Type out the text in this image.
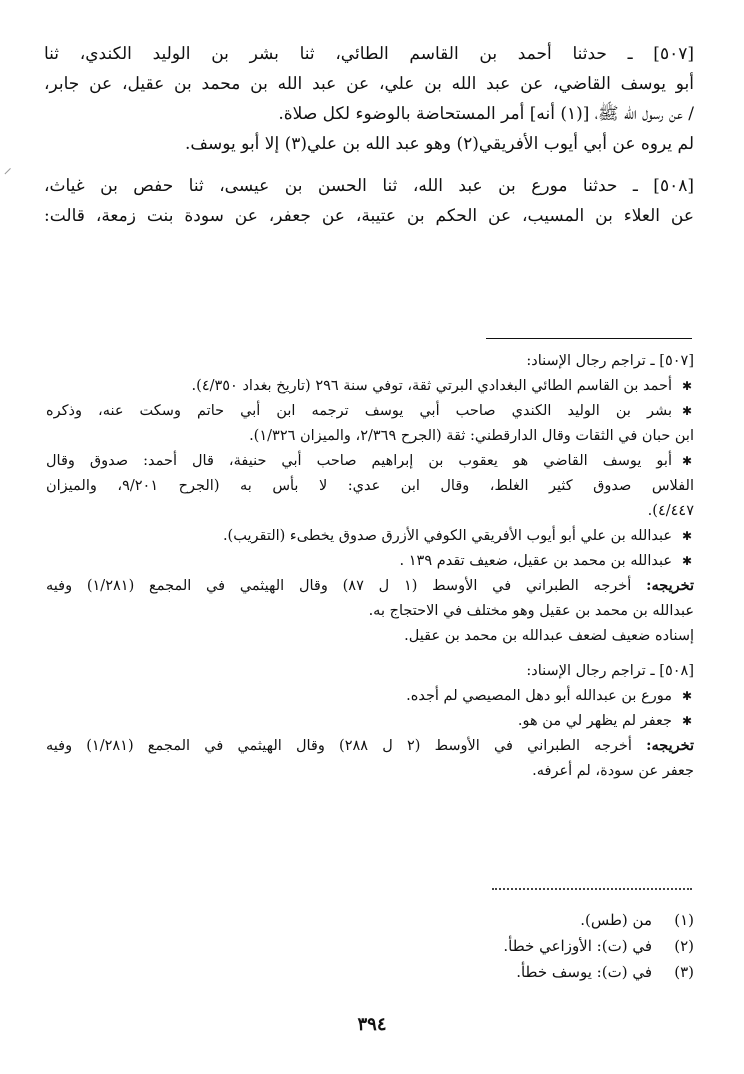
[٥٠٧] ـ حدثنا أحمد بن القاسم الطائي، ثنا بشر بن الوليد الكندي، ثنا

أبو يوسف القاضي، عن عبد الله بن علي، عن عبد الله بن محمد بن عقيل، عن جابر،

/ عن رسول الله ﷺ، [(١) أنه] أمر المستحاضة بالوضوء لكل صلاة.

لم يروه عن أبي أيوب الأفريقي(٢) وهو عبد الله بن علي(٣) إلا أبو يوسف.

[٥٠٨] ـ حدثنا مورع بن عبد الله، ثنا الحسن بن عيسى، ثنا حفص بن غياث،

عن العلاء بن المسيب، عن الحكم بن عتيبة، عن جعفر، عن سودة بنت زمعة، قالت:

[٥٠٧] ـ تراجم رجال الإسناد:

✱ أحمد بن القاسم الطائي البغدادي البرتي ثقة، توفي سنة ٢٩٦ (تاريخ بغداد ٤/٣٥٠).

✱ بشر بن الوليد الكندي صاحب أبي يوسف ترجمه ابن أبي حاتم وسكت عنه، وذكره

ابن حبان في الثقات وقال الدارقطني: ثقة (الجرح ٢/٣٦٩، والميزان ١/٣٢٦).

✱ أبو يوسف القاضي هو يعقوب بن إبراهيم صاحب أبي حنيفة، قال أحمد: صدوق وقال

الفلاس صدوق كثير الغلط، وقال ابن عدي: لا بأس به (الجرح ٩/٢٠١، والميزان

٤/٤٤٧).

✱ عبدالله بن علي أبو أيوب الأفريقي الكوفي الأزرق صدوق يخطىء (التقريب).

✱ عبدالله بن محمد بن عقيل، ضعيف تقدم ١٣٩ .

تخريجه: أخرجه الطبراني في الأوسط (١ ل ٨٧) وقال الهيثمي في المجمع (١/٢٨١) وفيه

عبدالله بن محمد بن عقيل وهو مختلف في الاحتجاج به.

إسناده ضعيف لضعف عبدالله بن محمد بن عقيل.

[٥٠٨] ـ تراجم رجال الإسناد:

✱ مورع بن عبدالله أبو دهل المصيصي لم أجده.

✱ جعفر لم يظهر لي من هو.

تخريجه: أخرجه الطبراني في الأوسط (٢ ل ٢٨٨) وقال الهيثمي في المجمع (١/٢٨١) وفيه

جعفر عن سودة، لم أعرفه.

(١)
من (طس).
(٢)
في (ت): الأوزاعي خطأ.
(٣)
في (ت): يوسف خطأ.
٣٩٤
